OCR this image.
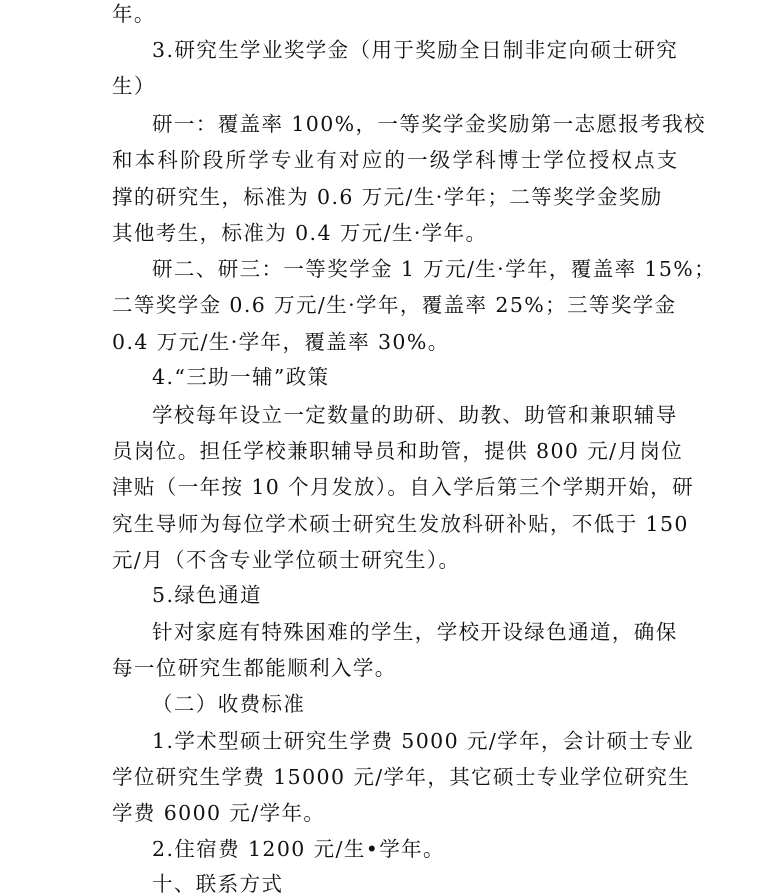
年。
3.研究生学业奖学金（用于奖励全日制非定向硕士研究
生）
研一：覆盖率 100%，一等奖学金奖励第一志愿报考我校
和本科阶段所学专业有对应的一级学科博士学位授权点支
撑的研究生，标准为 0.6 万元/生·学年；二等奖学金奖励
其他考生，标准为 0.4 万元/生·学年。
研二、研三：一等奖学金 1 万元/生·学年，覆盖率 15%；
二等奖学金 0.6 万元/生·学年，覆盖率 25%；三等奖学金
0.4 万元/生·学年，覆盖率 30%。
4.“三助一辅”政策
学校每年设立一定数量的助研、助教、助管和兼职辅导
员岗位。担任学校兼职辅导员和助管，提供 800 元/月岗位
津贴（一年按 10 个月发放）。自入学后第三个学期开始，研
究生导师为每位学术硕士研究生发放科研补贴，不低于 150
元/月（不含专业学位硕士研究生）。
5.绿色通道
针对家庭有特殊困难的学生，学校开设绿色通道，确保
每一位研究生都能顺利入学。
（二）收费标准
1.学术型硕士研究生学费 5000 元/学年，会计硕士专业
学位研究生学费 15000 元/学年，其它硕士专业学位研究生
学费 6000 元/学年。
2.住宿费 1200 元/生•学年。
十、联系方式
